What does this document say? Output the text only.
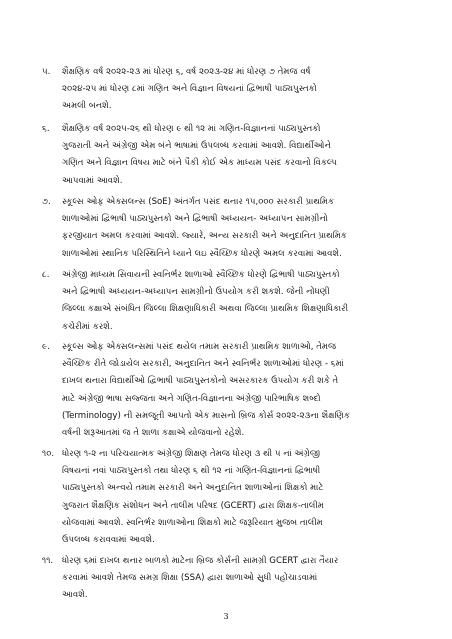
૫. શૈક્ષણિક વર્ષ ૨૦૨૨-૨૩ માં ધોરણ ૬, વર્ષ ૨૦૨૩-૨૪ માં ધોરણ ૭ તેમજ વર્ષ
૨૦૨૪-૨૫ માં ધોરણ ૮માં ગણિત અને વિજ્ઞાન વિષયનાં દ્વિભાષી પાઠ્યપુસ્તકો
અમલી બનશે.
૬. શૈક્ષણિક વર્ષ ૨૦૨૫-૨૬ થી ધોરણ ૯ થી ૧૨ માં ગણિત-વિજ્ઞાનનાં પાઠ્યપુસ્તકો
ગુજરાતી અને અંગ્રેજી એમ બંને ભાષામાં ઉપલબ્ધ કરવામાં આવશે. વિદ્યાર્થીઓને
ગણિત અને વિજ્ઞાન વિષય માટે બંને પૈકી કોઈ એક માધ્યમ પસંદ કરવાનો વિકલ્પ
આપવામાં આવશે.
૭. સ્કૂલ્સ ઓફ એક્સલન્સ (SoE) અંતર્ગત પસંદ થનાર ૧૫,૦૦૦ સરકારી પ્રાથમિક
શાળાઓમાં દ્વિભાષી પાઠ્યપુસ્તકો અને દ્વિભાષી અધ્યયન- અધ્યાપન સામગ્રીનો
ફરજીયાત અમલ કરવામાં આવશે. જ્યારે, અન્ય સરકારી અને અનુદાનિત પ્રાથમિક
શાળાઓમાં સ્થાનિક પરિસ્થિતિને ધ્યાને લઇ સ્વૈચ્છિક ધોરણે અમલ કરવામાં આવશે.
૮. અંગ્રેજી માધ્યમ સિવાયની સ્વનિર્ભર શાળાઓ સ્વૈચ્છિક ધોરણે દ્વિભાષી પાઠ્યપુસ્તકો
અને દ્વિભાષી અધ્યયન-અધ્યાપન સામગ્રીનો ઉપયોગ કરી શકશે. જેની નોંધણી
જિલ્લા કક્ષાએ સંબંધિત જિલ્લા શિક્ષણાધિકારી અથવા જિલ્લા પ્રાથમિક શિક્ષણાધિકારી
કચેરીમાં કરશે.
૯. સ્કૂલ્સ ઓફ એક્સલન્સમાં પસંદ થયેલ તમામ સરકારી પ્રાથમિક શાળાઓ, તેમજ
સ્વૈચ્છિક રીતે જોડાયેલ સરકારી, અનુદાનિત અને સ્વનિર્ભર શાળાઓમાં ધોરણ - ૬માં
દાખલ થનારા વિદ્યાર્થીઓ દ્વિભાષી પાઠ્યપુસ્તકોનો અસરકારક ઉપયોગ કરી શકે તે
માટે અંગ્રેજી ભાષા સજ્જતા અને ગણિત-વિજ્ઞાનના અંગ્રેજી પારિભાષિક શબ્દો
(Terminology) ની સમજૂતી આપતો એક માસનો બ્રિજ કોર્સ ૨૦૨૨-૨૩ના શૈક્ષણિક
વર્ષની શરૂઆતમાં જ તે શાળા કક્ષાએ યોજવાનો રહેશે.
૧૦. ધોરણ ૧-૨ ના પરિચયાત્મક અંગ્રેજી શિક્ષણ તેમજ ધોરણ ૩ થી ૫ નાં અંગ્રેજી
વિષયનાં નવાં પાઠ્યપુસ્તકો તથા ધોરણ ૬ થી ૧૨ નાં ગણિત-વિજ્ઞાનનાં દ્વિભાષી
પાઠ્યપુસ્તકો અન્વયે તમામ સરકારી અને અનુદાનિત શાળાઓનાં શિક્ષકો માટે
ગુજરાત શૈક્ષણિક સંશોધન અને તાલીમ પરિષદ (GCERT) દ્વારા શિક્ષક-તાલીમ
યોજવામાં આવશે. સ્વનિર્ભર શાળાઓના શિક્ષકો માટે જરૂરિયાત મુજબ તાલીમ
ઉપલબ્ધ કરાવવામાં આવશે.
૧૧. ધોરણ ૬માં દાખલ થનાર બાળકો માટેના બ્રિજ કોર્સની સામગ્રી GCERT દ્વારા તૈયાર
કરવામાં આવશે તેમજ સમગ્ર શિક્ષા (SSA) દ્વારા શાળાઓ સુધી પહોંચાડવામાં
આવશે.
3
